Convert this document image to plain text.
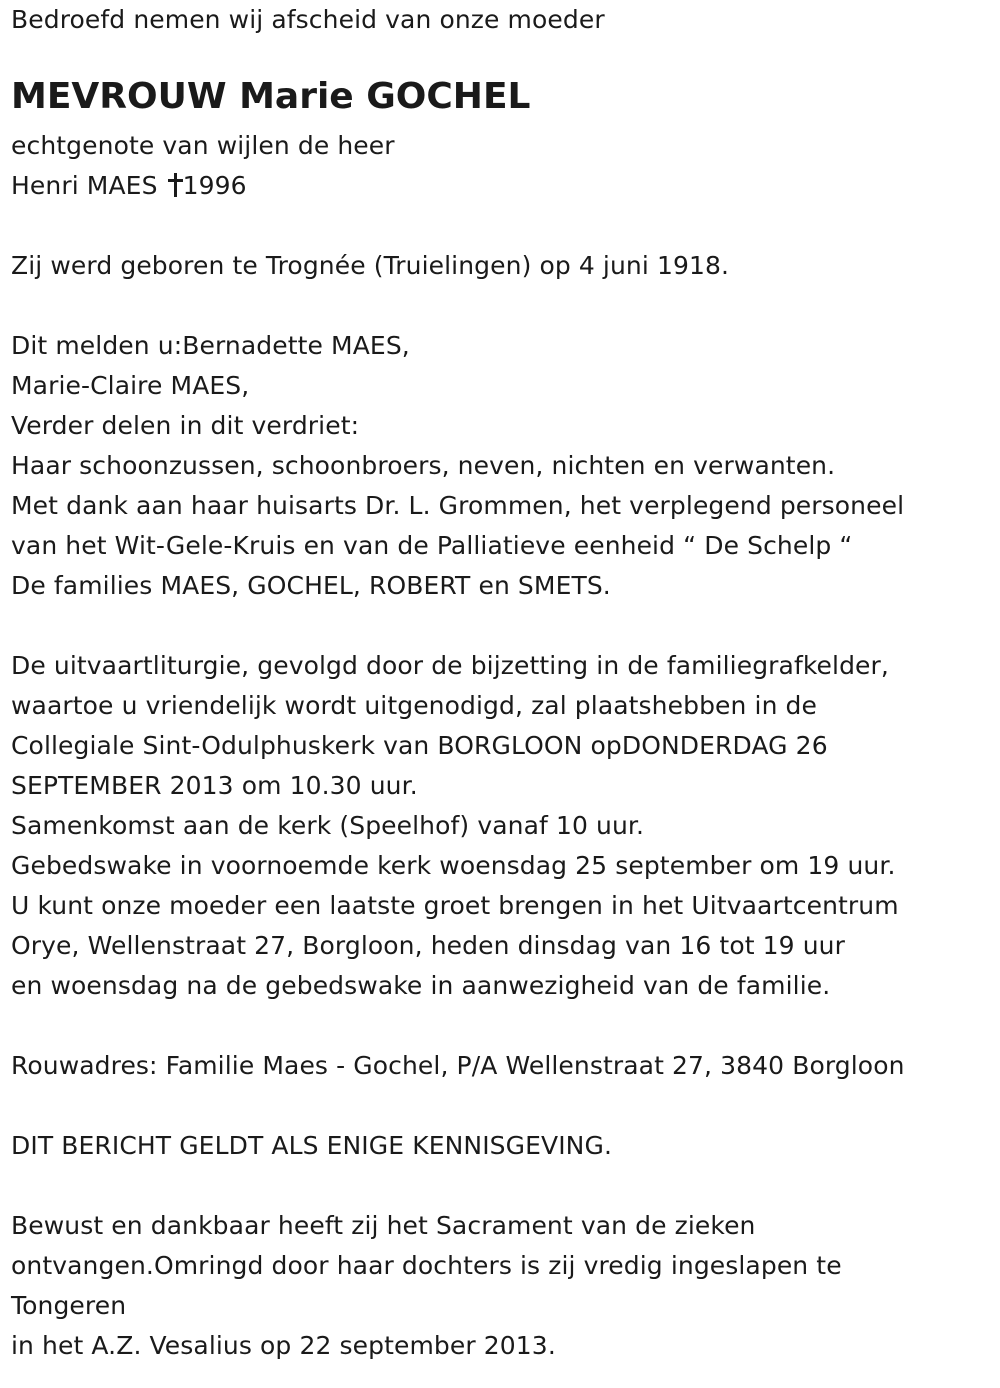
Bedroefd nemen wij afscheid van onze moeder
MEVROUW Marie GOCHEL
echtgenote van wijlen de heer
Henri MAES 1996
Zij werd geboren te Trognée (Truielingen) op 4 juni 1918.
Dit melden u:Bernadette MAES,
Marie-Claire MAES,
Verder delen in dit verdriet:
Haar schoonzussen, schoonbroers, neven, nichten en verwanten.
Met dank aan haar huisarts Dr. L. Grommen, het verplegend personeel
van het Wit-Gele-Kruis en van de Palliatieve eenheid “ De Schelp “
De families MAES, GOCHEL, ROBERT en SMETS.
De uitvaartliturgie, gevolgd door de bijzetting in de familiegrafkelder,
waartoe u vriendelijk wordt uitgenodigd, zal plaatshebben in de
Collegiale Sint-Odulphuskerk van BORGLOON opDONDERDAG 26
SEPTEMBER 2013 om 10.30 uur.
Samenkomst aan de kerk (Speelhof) vanaf 10 uur.
Gebedswake in voornoemde kerk woensdag 25 september om 19 uur.
U kunt onze moeder een laatste groet brengen in het Uitvaartcentrum
Orye, Wellenstraat 27, Borgloon, heden dinsdag van 16 tot 19 uur
en woensdag na de gebedswake in aanwezigheid van de familie.
Rouwadres: Familie Maes - Gochel, P/A Wellenstraat 27, 3840 Borgloon
DIT BERICHT GELDT ALS ENIGE KENNISGEVING.
Bewust en dankbaar heeft zij het Sacrament van de zieken
ontvangen.Omringd door haar dochters is zij vredig ingeslapen te
Tongeren
in het A.Z. Vesalius op 22 september 2013.
